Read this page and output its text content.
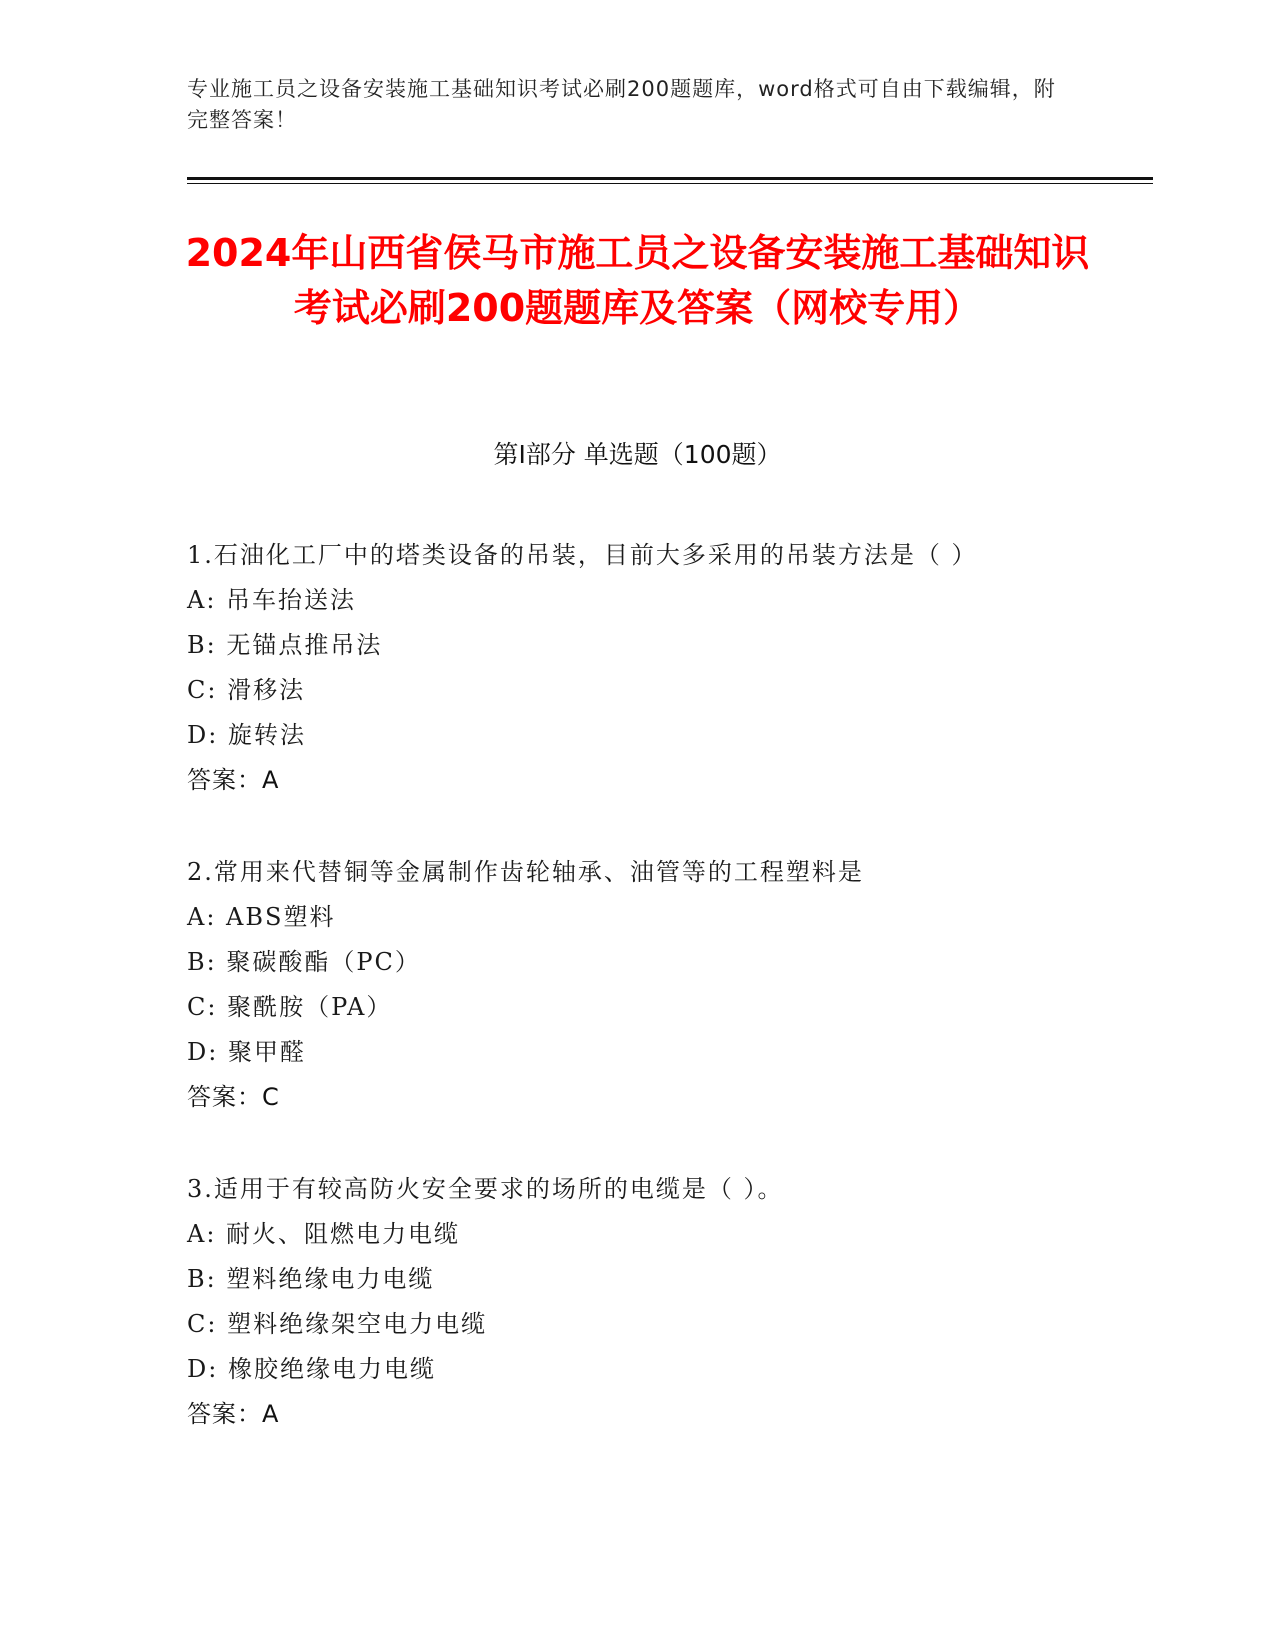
专业施工员之设备安装施工基础知识考试必刷200题题库，word格式可自由下载编辑，附完整答案！
2024年山西省侯马市施工员之设备安装施工基础知识考试必刷200题题库及答案（网校专用）
第I部分 单选题（100题）
1.石油化工厂中的塔类设备的吊装，目前大多采用的吊装方法是（ ）
A: 吊车抬送法
B: 无锚点推吊法
C: 滑移法
D: 旋转法
答案：A
2.常用来代替铜等金属制作齿轮轴承、油管等的工程塑料是
A: ABS塑料
B: 聚碳酸酯（PC）
C: 聚酰胺（PA）
D: 聚甲醛
答案：C
3.适用于有较高防火安全要求的场所的电缆是（ ）。
A: 耐火、阻燃电力电缆
B: 塑料绝缘电力电缆
C: 塑料绝缘架空电力电缆
D: 橡胶绝缘电力电缆
答案：A
